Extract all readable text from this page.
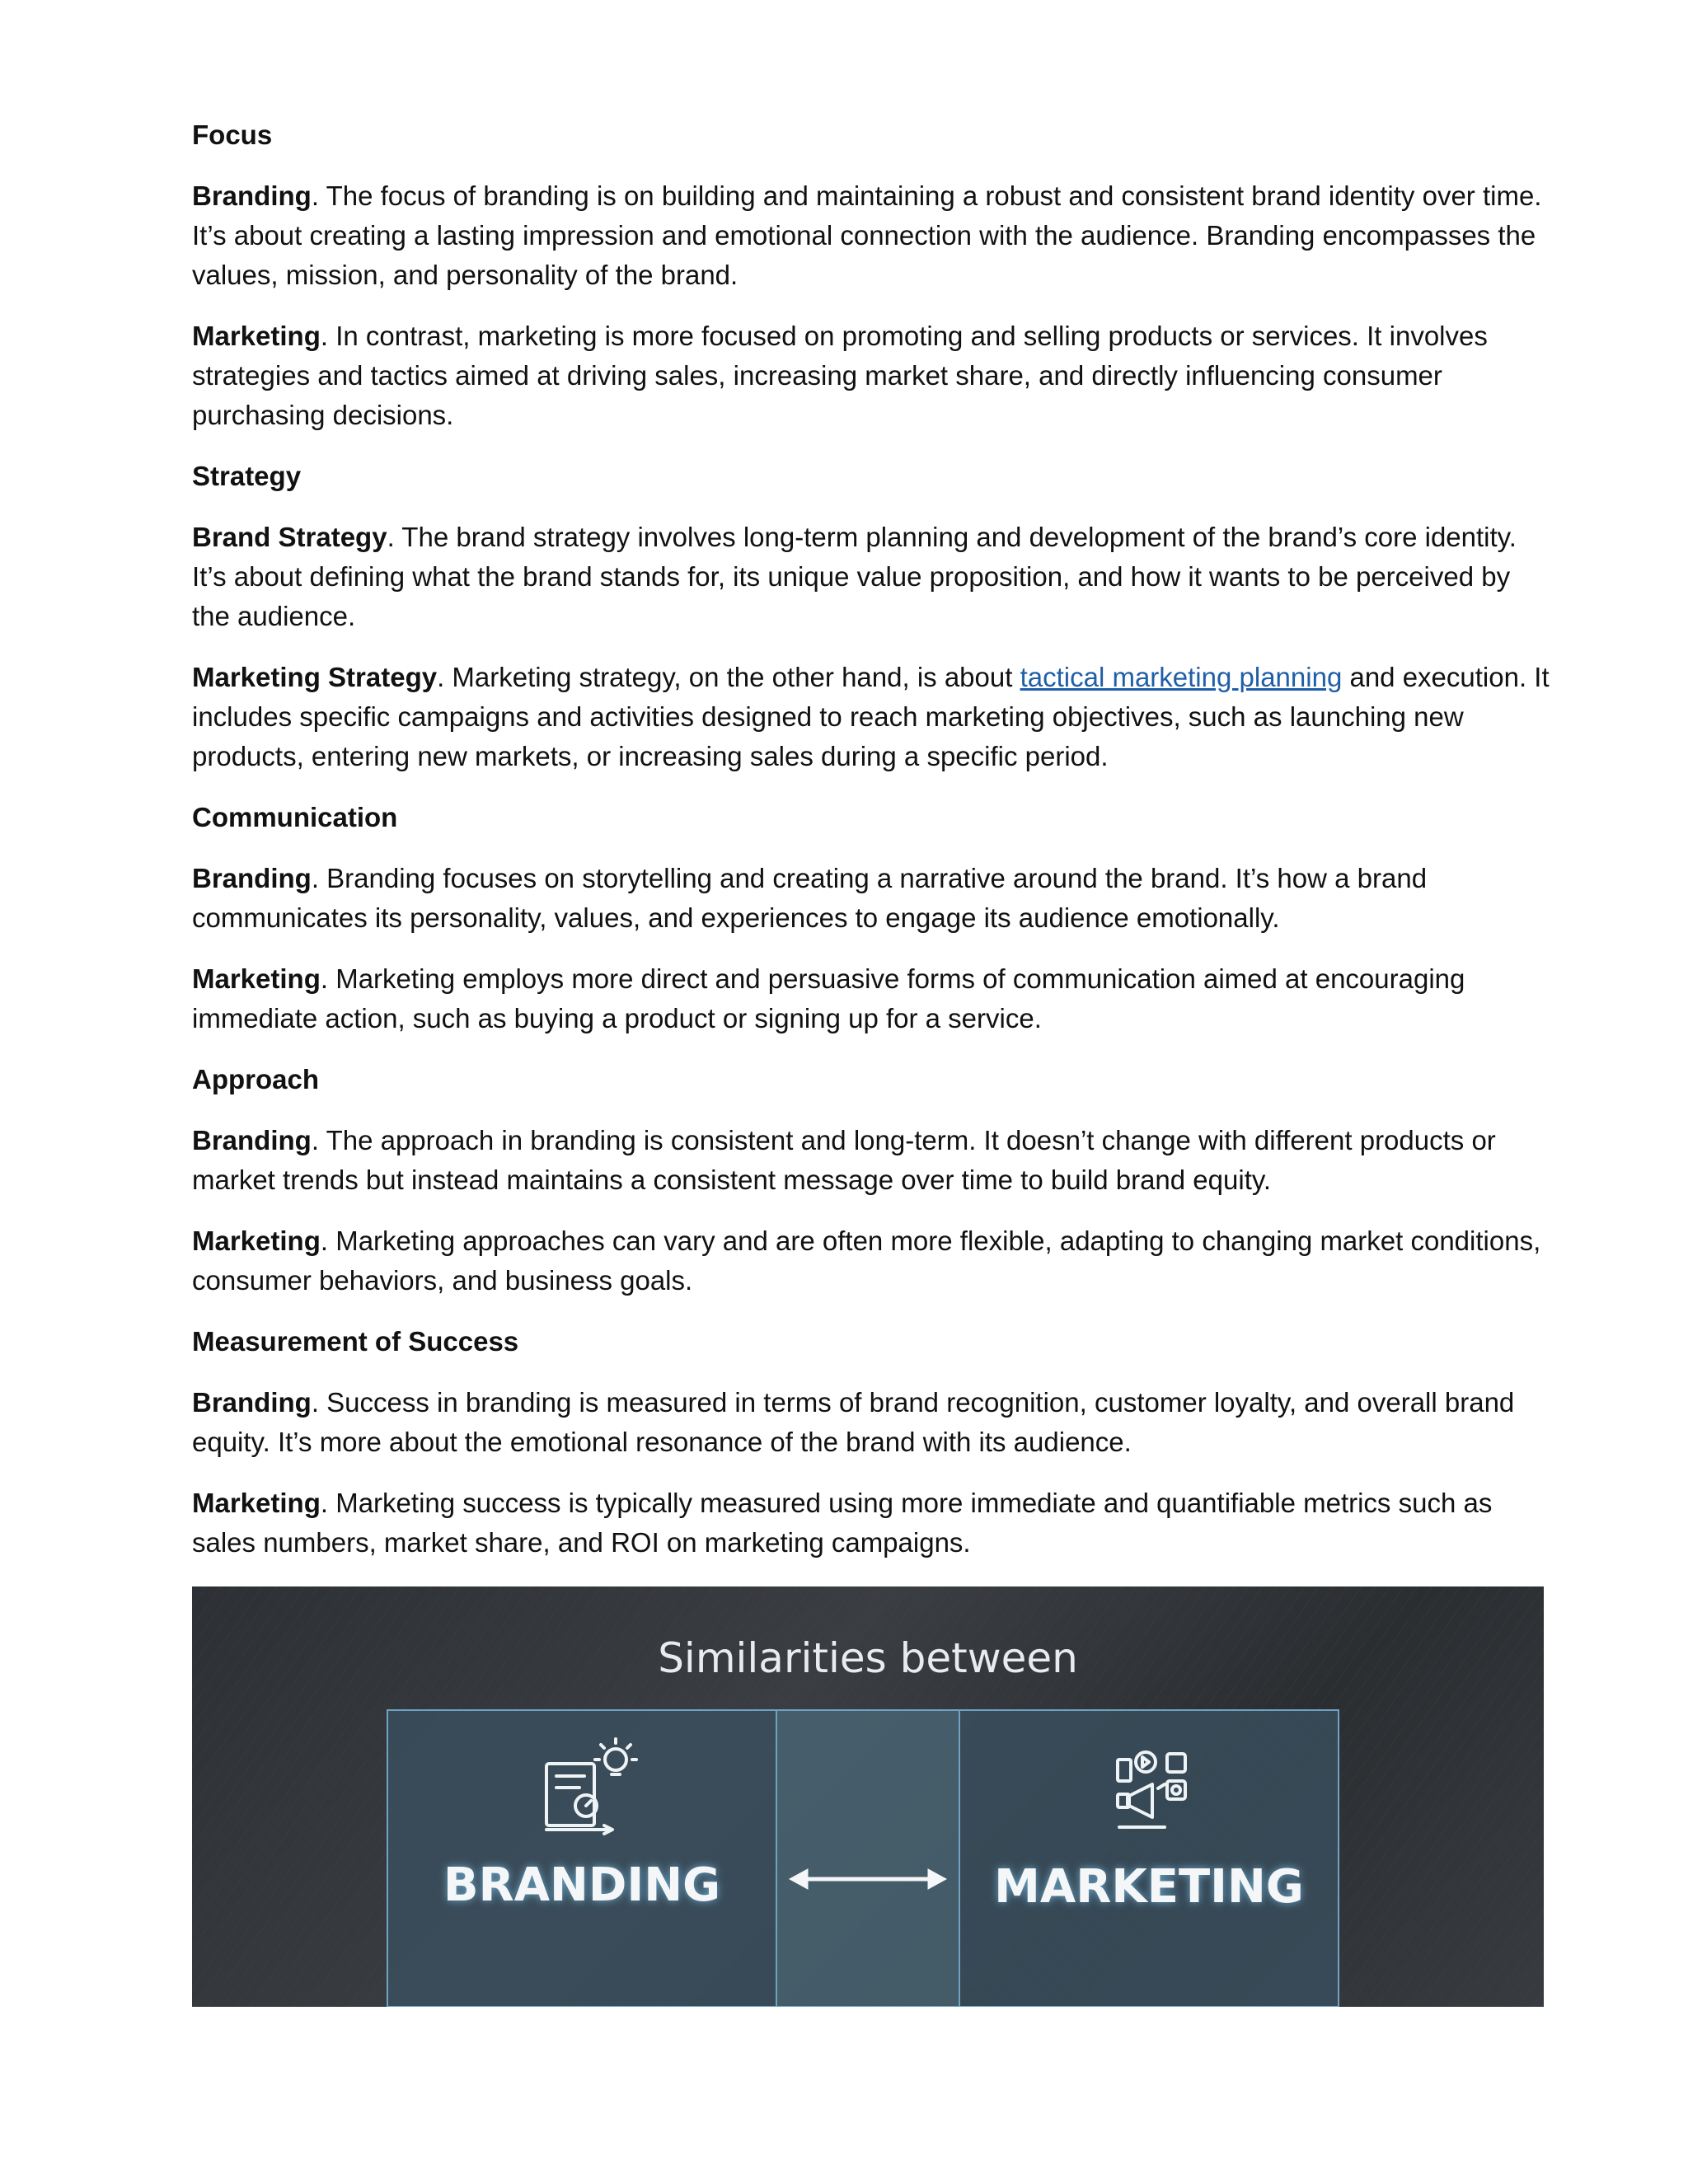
Focus

Branding. The focus of branding is on building and maintaining a robust and consistent brand identity over time. It’s about creating a lasting impression and emotional connection with the audience. Branding encompasses the values, mission, and personality of the brand.

Marketing. In contrast, marketing is more focused on promoting and selling products or services. It involves strategies and tactics aimed at driving sales, increasing market share, and directly influencing consumer purchasing decisions.

Strategy

Brand Strategy. The brand strategy involves long-term planning and development of the brand’s core identity. It’s about defining what the brand stands for, its unique value proposition, and how it wants to be perceived by the audience.

Marketing Strategy. Marketing strategy, on the other hand, is about tactical marketing planning and execution. It includes specific campaigns and activities designed to reach marketing objectives, such as launching new products, entering new markets, or increasing sales during a specific period.

Communication

Branding. Branding focuses on storytelling and creating a narrative around the brand. It’s how a brand communicates its personality, values, and experiences to engage its audience emotionally.

Marketing. Marketing employs more direct and persuasive forms of communication aimed at encouraging immediate action, such as buying a product or signing up for a service.

Approach

Branding. The approach in branding is consistent and long-term. It doesn’t change with different products or market trends but instead maintains a consistent message over time to build brand equity.

Marketing. Marketing approaches can vary and are often more flexible, adapting to changing market conditions, consumer behaviors, and business goals.

Measurement of Success

Branding. Success in branding is measured in terms of brand recognition, customer loyalty, and overall brand equity. It’s more about the emotional resonance of the brand with its audience.

Marketing. Marketing success is typically measured using more immediate and quantifiable metrics such as sales numbers, market share, and ROI on marketing campaigns.

Similarities between
BRANDING	MARKETING
